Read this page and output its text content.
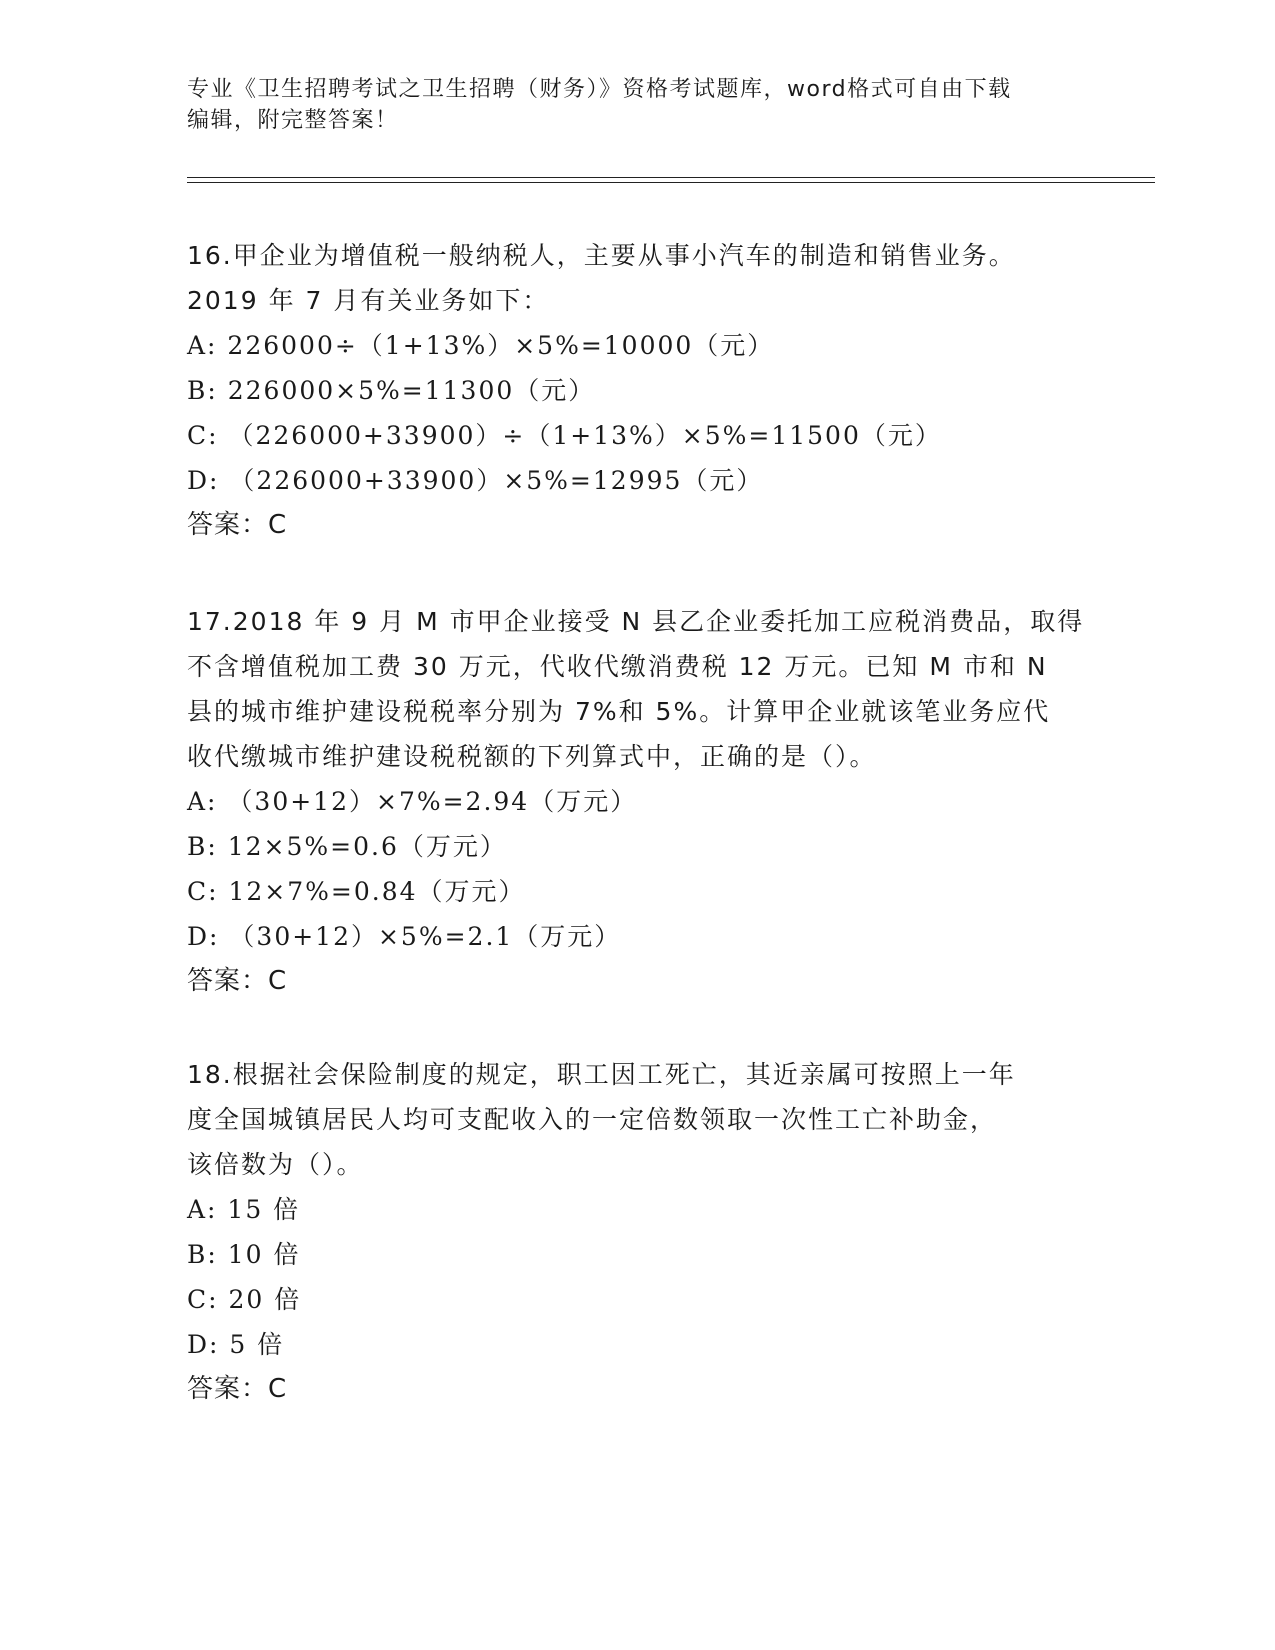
专业《卫生招聘考试之卫生招聘（财务）》资格考试题库，word格式可自由下载
编辑，附完整答案！
16.甲企业为增值税一般纳税人，主要从事小汽车的制造和销售业务。
2019 年 7 月有关业务如下：
A: 226000÷（1+13%）×5%=10000（元）
B: 226000×5%=11300（元）
C: （226000+33900）÷（1+13%）×5%=11500（元）
D: （226000+33900）×5%=12995（元）
答案：C
17.2018 年 9 月 M 市甲企业接受 N 县乙企业委托加工应税消费品，取得
不含增值税加工费 30 万元，代收代缴消费税 12 万元。已知 M 市和 N
县的城市维护建设税税率分别为 7%和 5%。计算甲企业就该笔业务应代
收代缴城市维护建设税税额的下列算式中，正确的是（）。
A: （30+12）×7%=2.94（万元）
B: 12×5%=0.6（万元）
C: 12×7%=0.84（万元）
D: （30+12）×5%=2.1（万元）
答案：C
18.根据社会保险制度的规定，职工因工死亡，其近亲属可按照上一年
度全国城镇居民人均可支配收入的一定倍数领取一次性工亡补助金，
该倍数为（）。
A: 15 倍
B: 10 倍
C: 20 倍
D: 5 倍
答案：C
